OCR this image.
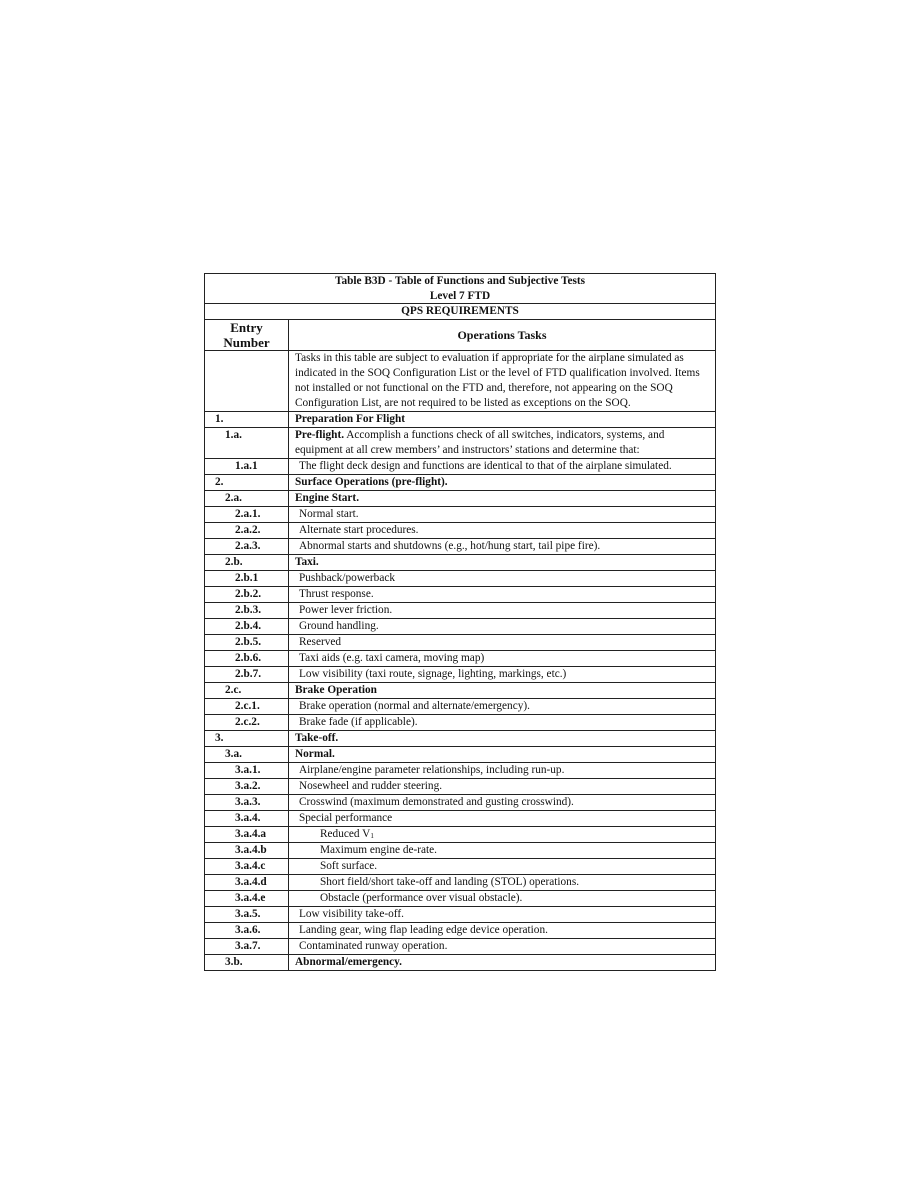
Table B3D - Table of Functions and Subjective Tests
Level 7 FTD	
QPS REQUIREMENTS	
Entry
Number	Operations Tasks
	Tasks in this table are subject to evaluation if appropriate for the airplane simulated as indicated in the SOQ Configuration List or the level of FTD qualification involved. Items not installed or not functional on the FTD and, therefore, not appearing on the SOQ Configuration List, are not required to be listed as exceptions on the SOQ.
1.	Preparation For Flight
1.a.	Pre-flight. Accomplish a functions check of all switches, indicators, systems, and equipment at all crew members’ and instructors’ stations and determine that:
1.a.1	The flight deck design and functions are identical to that of the airplane simulated.
2.	Surface Operations (pre-flight).
2.a.	Engine Start.
2.a.1.	Normal start.
2.a.2.	Alternate start procedures.
2.a.3.	Abnormal starts and shutdowns (e.g., hot/hung start, tail pipe fire).
2.b.	Taxi.
2.b.1	Pushback/powerback
2.b.2.	Thrust response.
2.b.3.	Power lever friction.
2.b.4.	Ground handling.
2.b.5.	Reserved
2.b.6.	Taxi aids (e.g. taxi camera, moving map)
2.b.7.	Low visibility (taxi route, signage, lighting, markings, etc.)
2.c.	Brake Operation
2.c.1.	Brake operation (normal and alternate/emergency).
2.c.2.	Brake fade (if applicable).
3.	Take-off.
3.a.	Normal.
3.a.1.	Airplane/engine parameter relationships, including run-up.
3.a.2.	Nosewheel and rudder steering.
3.a.3.	Crosswind (maximum demonstrated and gusting crosswind).
3.a.4.	Special performance
3.a.4.a	Reduced $V_1$
3.a.4.b	Maximum engine de-rate.
3.a.4.c	Soft surface.
3.a.4.d	Short field/short take-off and landing (STOL) operations.
3.a.4.e	Obstacle (performance over visual obstacle).
3.a.5.	Low visibility take-off.
3.a.6.	Landing gear, wing flap leading edge device operation.
3.a.7.	Contaminated runway operation.
3.b.	Abnormal/emergency.
